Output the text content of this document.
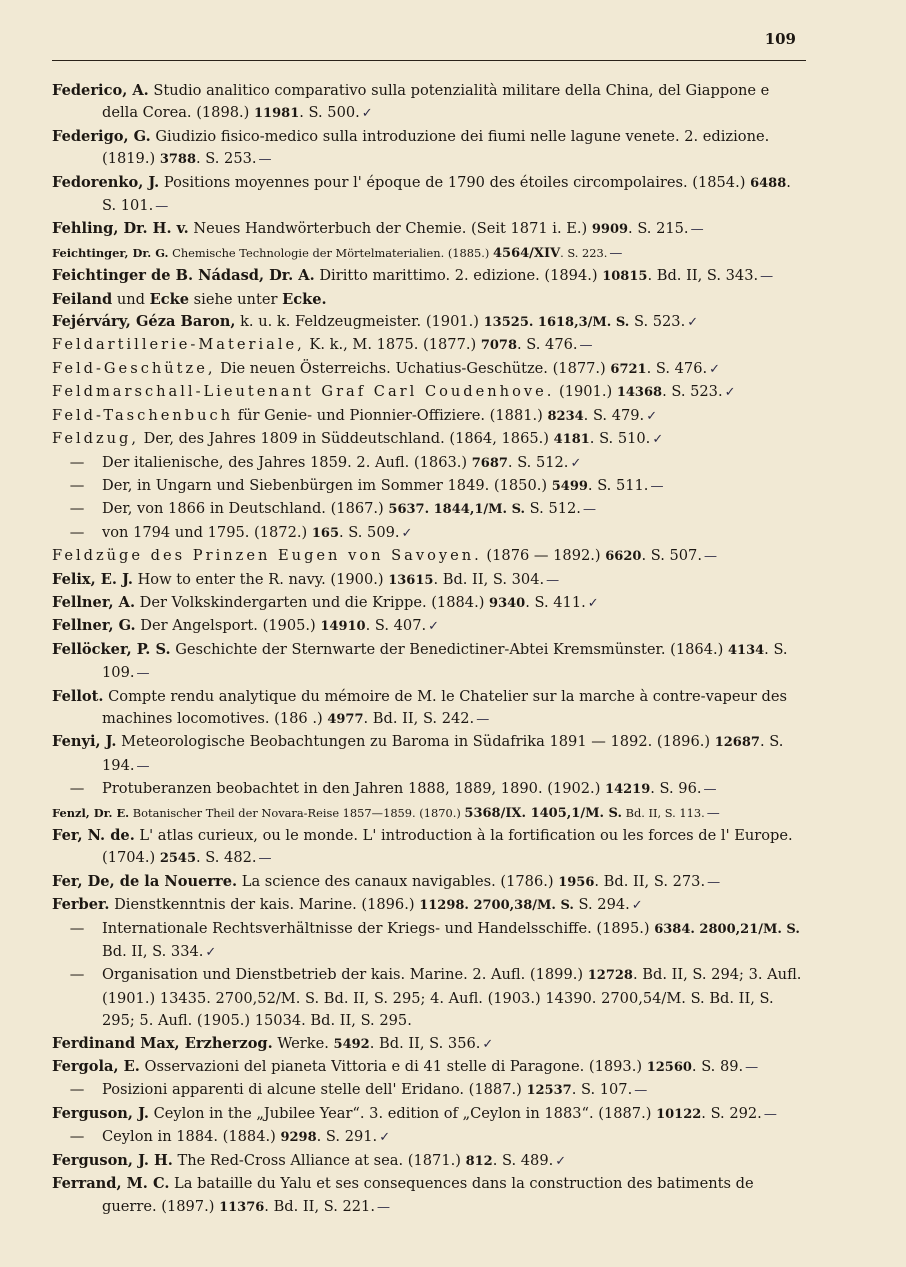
109
Federico, A. Studio analitico comparativo sulla potenzialità militare della China, del Giappone e della Corea. (1898.) 11981. S. 500. ✓
Federigo, G. Giudizio fisico-medico sulla introduzione dei fiumi nelle lagune venete. 2. edizione. (1819.) 3788. S. 253. —
Fedorenko, J. Positions moyennes pour l' époque de 1790 des étoiles circompolaires. (1854.) 6488. S. 101. —
Fehling, Dr. H. v. Neues Handwörterbuch der Chemie. (Seit 1871 i. E.) 9909. S. 215. —
Feichtinger, Dr. G. Chemische Technologie der Mörtelmaterialien. (1885.) 4564/XIV. S. 223. —
Feichtinger de B. Nádasd, Dr. A. Diritto marittimo. 2. edizione. (1894.) 10815. Bd. II, S. 343. —
Feiland und Ecke siehe unter Ecke.
Fejérváry, Géza Baron, k. u. k. Feldzeugmeister. (1901.) 13525. 1618,3/M. S. S. 523. ✓
Feldartillerie-Materiale, K. k., M. 1875. (1877.) 7078. S. 476. —
Feld-Geschütze, Die neuen Österreichs. Uchatius-Geschütze. (1877.) 6721. S. 476. ✓
Feldmarschall-Lieutenant Graf Carl Coudenhove. (1901.) 14368. S. 523. ✓
Feld-Taschenbuch für Genie- und Pionnier-Offiziere. (1881.) 8234. S. 479. ✓
Feldzug, Der, des Jahres 1809 in Süddeutschland. (1864, 1865.) 4181. S. 510. ✓
— Der italienische, des Jahres 1859. 2. Aufl. (1863.) 7687. S. 512. ✓
— Der, in Ungarn und Siebenbürgen im Sommer 1849. (1850.) 5499. S. 511. —
— Der, von 1866 in Deutschland. (1867.) 5637. 1844,1/M. S. S. 512. —
— von 1794 und 1795. (1872.) 165. S. 509. ✓
Feldzüge des Prinzen Eugen von Savoyen. (1876 — 1892.) 6620. S. 507. —
Felix, E. J. How to enter the R. navy. (1900.) 13615. Bd. II, S. 304. —
Fellner, A. Der Volkskindergarten und die Krippe. (1884.) 9340. S. 411. ✓
Fellner, G. Der Angelsport. (1905.) 14910. S. 407. ✓
Fellöcker, P. S. Geschichte der Sternwarte der Benedictiner-Abtei Kremsmünster. (1864.) 4134. S. 109. —
Fellot. Compte rendu analytique du mémoire de M. le Chatelier sur la marche à contre-vapeur des machines locomotives. (186 .) 4977. Bd. II, S. 242. —
Fenyi, J. Meteorologische Beobachtungen zu Baroma in Südafrika 1891 — 1892. (1896.) 12687. S. 194. —
— Protuberanzen beobachtet in den Jahren 1888, 1889, 1890. (1902.) 14219. S. 96. —
Fenzl, Dr. E. Botanischer Theil der Novara-Reise 1857—1859. (1870.) 5368/IX. 1405,1/M. S. Bd. II, S. 113. —
Fer, N. de. L' atlas curieux, ou le monde. L' introduction à la fortification ou les forces de l' Europe. (1704.) 2545. S. 482. —
Fer, De, de la Nouerre. La science des canaux navigables. (1786.) 1956. Bd. II, S. 273. —
Ferber. Dienstkenntnis der kais. Marine. (1896.) 11298. 2700,38/M. S. S. 294. ✓
— Internationale Rechtsverhältnisse der Kriegs- und Handelsschiffe. (1895.) 6384. 2800,21/M. S. Bd. II, S. 334. ✓
— Organisation und Dienstbetrieb der kais. Marine. 2. Aufl. (1899.) 12728. Bd. II, S. 294; 3. Aufl. (1901.) 13435. 2700,52/M. S. Bd. II, S. 295; 4. Aufl. (1903.) 14390. 2700,54/M. S. Bd. II, S. 295; 5. Aufl. (1905.) 15034. Bd. II, S. 295.
Ferdinand Max, Erzherzog. Werke. 5492. Bd. II, S. 356. ✓
Fergola, E. Osservazioni del pianeta Vittoria e di 41 stelle di Paragone. (1893.) 12560. S. 89. —
— Posizioni apparenti di alcune stelle dell' Eridano. (1887.) 12537. S. 107. —
Ferguson, J. Ceylon in the „Jubilee Year“. 3. edition of „Ceylon in 1883“. (1887.) 10122. S. 292. —
— Ceylon in 1884. (1884.) 9298. S. 291. ✓
Ferguson, J. H. The Red-Cross Alliance at sea. (1871.) 812. S. 489. ✓
Ferrand, M. C. La bataille du Yalu et ses consequences dans la construction des batiments de guerre. (1897.) 11376. Bd. II, S. 221. —
